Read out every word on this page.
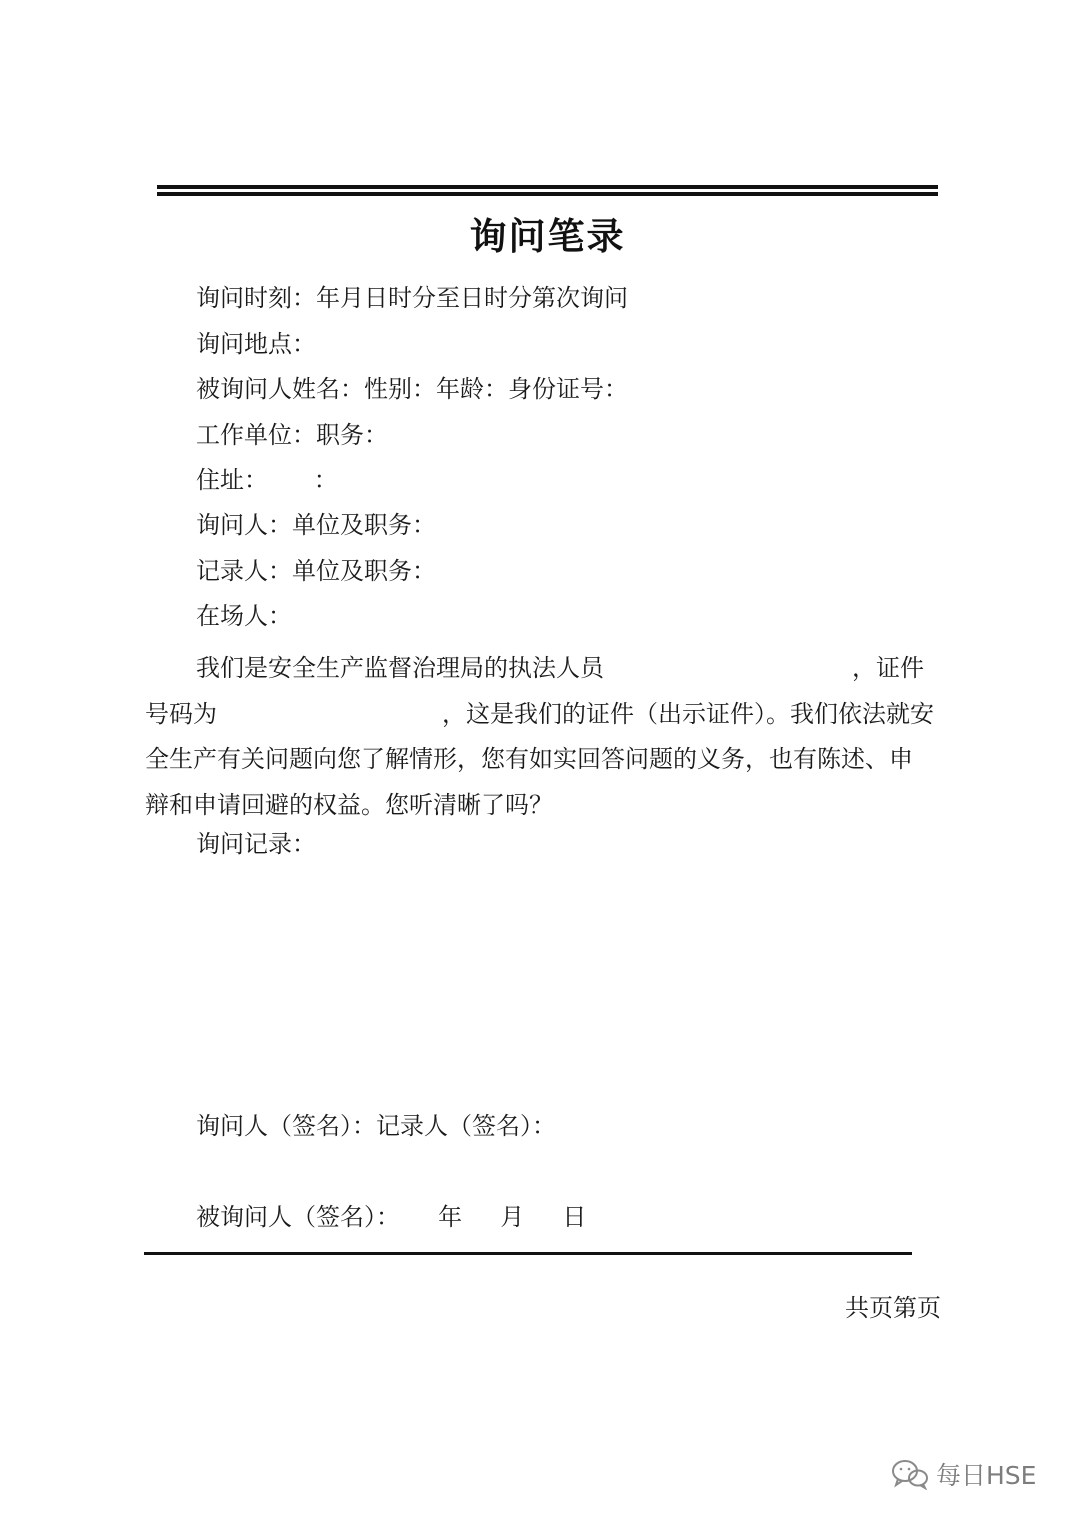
询问笔录
询问时刻：年月日时分至日时分第次询问
询问地点：
被询问人姓名：性别：年龄：身份证号：
工作单位：职务：
住址：      ：
询问人：单位及职务：
记录人：单位及职务：
在场人：
我们是安全生产监督治理局的执法人员	，证件
号码为	，这是我们的证件（出示证件）。我们依法就安
全生产有关问题向您了解情形，您有如实回答问题的义务，也有陈述、申
辩和申请回避的权益。您听清晰了吗？
询问记录：
询问人（签名）：记录人（签名）：
被询问人（签名）：     年     月     日
共页第页
每日HSE
